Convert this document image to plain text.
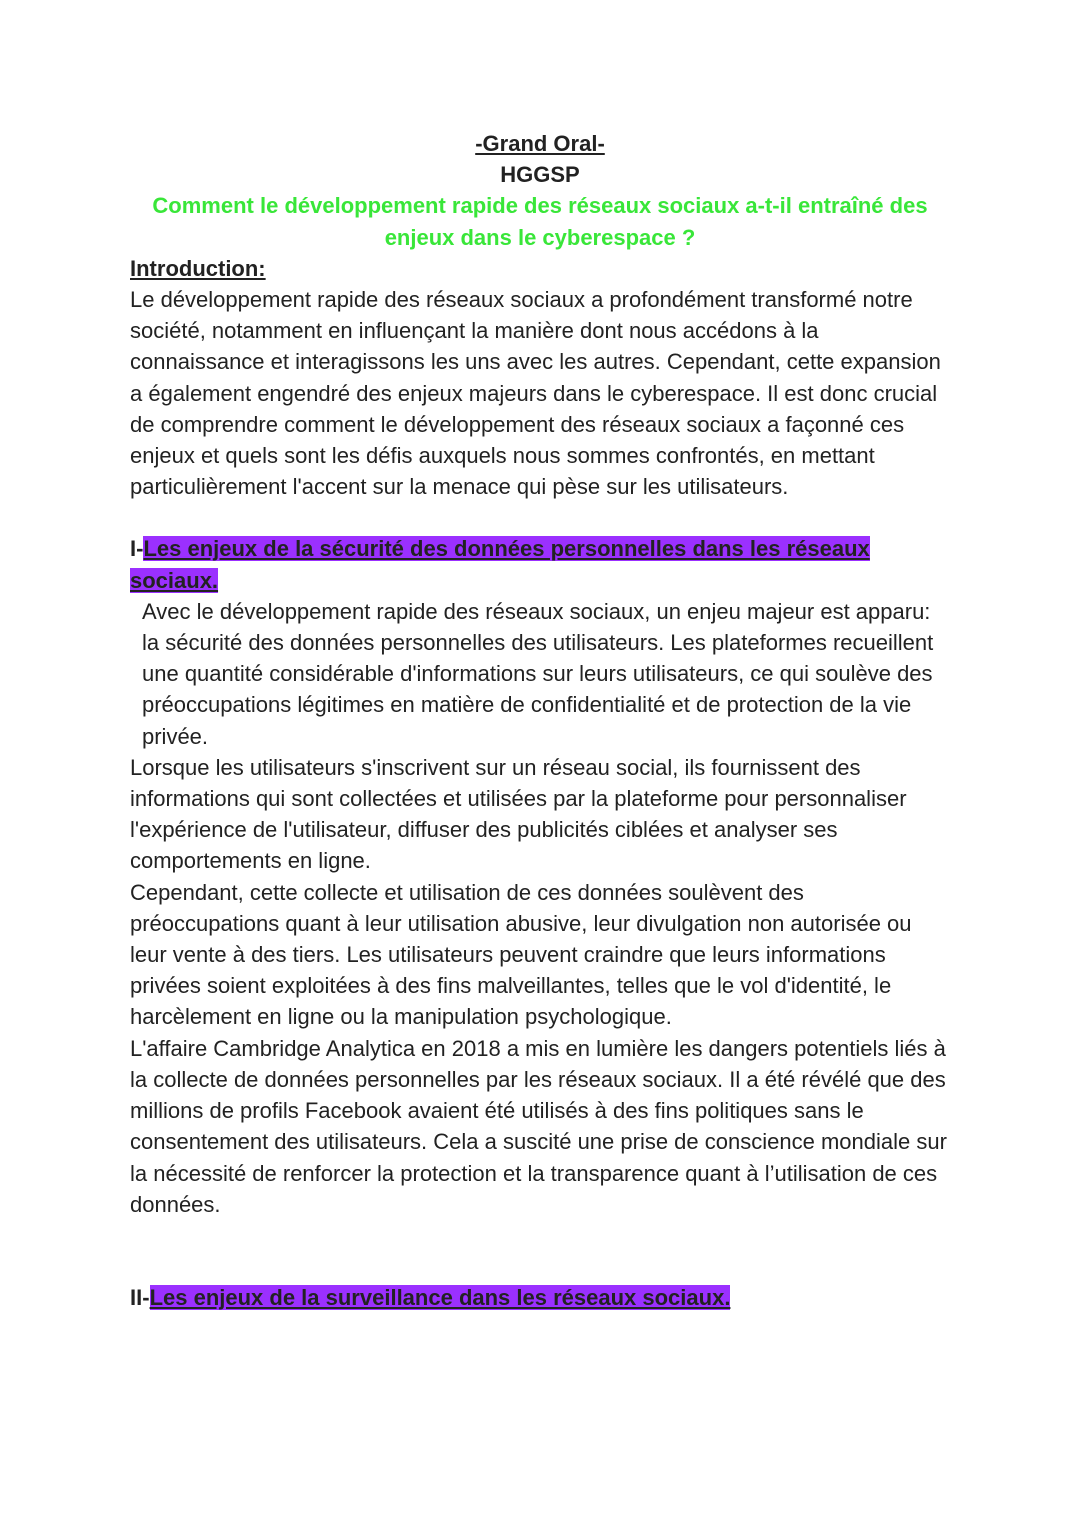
-Grand Oral-
HGGSP

Comment le développement rapide des réseaux sociaux a-t-il entraîné des enjeux dans le cyberespace ?

Introduction:

Le développement rapide des réseaux sociaux a profondément transformé notre société, notamment en influençant la manière dont nous accédons à la connaissance et interagissons les uns avec les autres. Cependant, cette expansion a également engendré des enjeux majeurs dans le cyberespace. Il est donc crucial de comprendre comment le développement des réseaux sociaux a façonné ces enjeux et quels sont les défis auxquels nous sommes confrontés, en mettant particulièrement l'accent sur la menace qui pèse sur les utilisateurs.

I-Les enjeux de la sécurité des données personnelles dans les réseaux sociaux.

Avec le développement rapide des réseaux sociaux, un enjeu majeur est apparu: la sécurité des données personnelles des utilisateurs. Les plateformes recueillent une quantité considérable d'informations sur leurs utilisateurs, ce qui soulève des préoccupations légitimes en matière de confidentialité et de protection de la vie privée.

Lorsque les utilisateurs s'inscrivent sur un réseau social, ils fournissent des informations qui sont collectées et utilisées par la plateforme pour personnaliser l'expérience de l'utilisateur, diffuser des publicités ciblées et analyser ses comportements en ligne.

Cependant, cette collecte et utilisation de ces données soulèvent des préoccupations quant à leur utilisation abusive, leur divulgation non autorisée ou leur vente à des tiers. Les utilisateurs peuvent craindre que leurs informations privées soient exploitées à des fins malveillantes, telles que le vol d'identité, le harcèlement en ligne ou la manipulation psychologique.

L'affaire Cambridge Analytica en 2018 a mis en lumière les dangers potentiels liés à la collecte de données personnelles par les réseaux sociaux. Il a été révélé que des millions de profils Facebook avaient été utilisés à des fins politiques sans le consentement des utilisateurs. Cela a suscité une prise de conscience mondiale sur la nécessité de renforcer la protection et la transparence quant à l’utilisation de ces données.

II-Les enjeux de la surveillance dans les réseaux sociaux.
